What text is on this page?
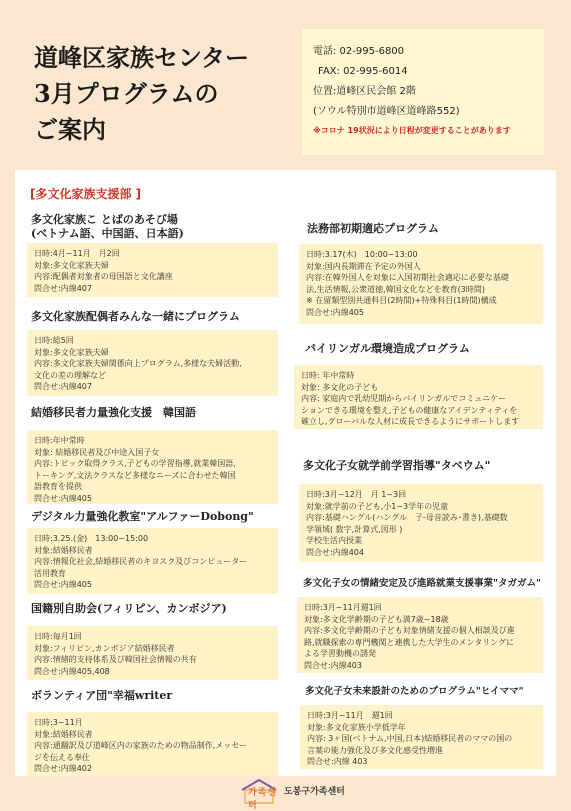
道峰区家族センター
3月プログラムの
ご案内
電話: 02-995-6800
FAX: 02-995-6014
位置:道峰区民会館 2階
(ソウル特別市道峰区道峰路552)
※コロナ 19状況により日程が変更することがあります
[多文化家族支援部 ]
多文化家族こ とばのあそび場
(ベトナム語、中国語、日本語)
日時:4月~11月　月2回
対象:多文化家族夫婦
内容:配偶者対象者の母国語と文化講座
問合せ:内線407
多文化家族配偶者みんな一緒にプログラム
日時:総5回
対象:多文化家族夫婦
内容:多文化家族夫婦関係向上プログラム,多様な夫婦活動,
文化の差の理解など
問合せ:内線407
結婚移民者力量強化支援　韓国語
日時:年中常時
対象: 結婚移民者及び中途入国子女
内容:トピック取得クラス,子どもの学習指導,就業韓国語,
トーキング,文法クラスなど多様なニーズに合わせた韓国
語教育を提供
問合せ:内線405
デジタル力量強化教室"アルファーDobong"
日時:3.25.(金)　13:00~15:00
対象:結婚移民者
内容:情報化社会,結婚移民者のキヨスク及びコンピューター
活用教育
問合せ:内線405
国籍別自助会(フィリピン、カンボジア)
日時:毎月1回
対象:フィリピン,カンボジア結婚移民者
内容:情緒的支持体系及び韓国社会情報の共有
問合せ:内線405,408
ボランティア団"幸福writer
日時:3~11月
対象:結婚移民者
内容:通翻訳及び道峰区内の家族のための物品制作,メッセー
ジを伝える奉仕
問合せ:内線402
法務部初期適応プログラム
日時:3.17(木)　10:00~13:00
対象:国内長期滞在予定の外国人
内容:在韓外国人を対象に入国初期社会適応に必要な基礎
法,生活情報,公衆道徳,韓国文化などを教育(3時間)
※ 在留類型別共通科目(2時間)+特殊科目(1時間)構成
問合せ:内線405
バイリンガル環境造成プログラム
日時: 年中常時
対象: 多文化の子ども
内容: 家庭内で乳幼児期からバイリンガルでコミュニケー
ションできる環境を整え,子どもの健康なアイデンティティを
確立し,グローバルな人材に成長できるようにサポートします
多文化子女就学前学習指導"タベウム"
日時:3月~12月　月 1~3回
対象:就学前の子ども,小1~3学年の児童
内容:基礎ハングル(ハングル　子-母音読み･書き),基礎数
学領域( 数字,計算式,図形 )
学校生活内授業
問合せ:内線404
多文化子女の情緒安定及び進路就業支援事業"タガガム"
日時:3月~11月週1回
対象:多文化学齢期の子ども満7歳~18歳
内容:多文化学齢期の子ども対象情緒支援の個人相談及び進
路,就職探索の専門機関と連携した大学生のメンタリングに
よる学習動機の誘発
問合せ:内線403
多文化子女未来設計のためのプログラム"ヒイママ"
日時:3月~11月　週1回
対象:多文化家族小学低学年
内容: 3ヶ国(ベトナム,中国,日本)結婚移民者のママの国の
言葉の能力強化及び多文化感受性増進
問合せ:内線 403
가족센터
도봉구가족센터
